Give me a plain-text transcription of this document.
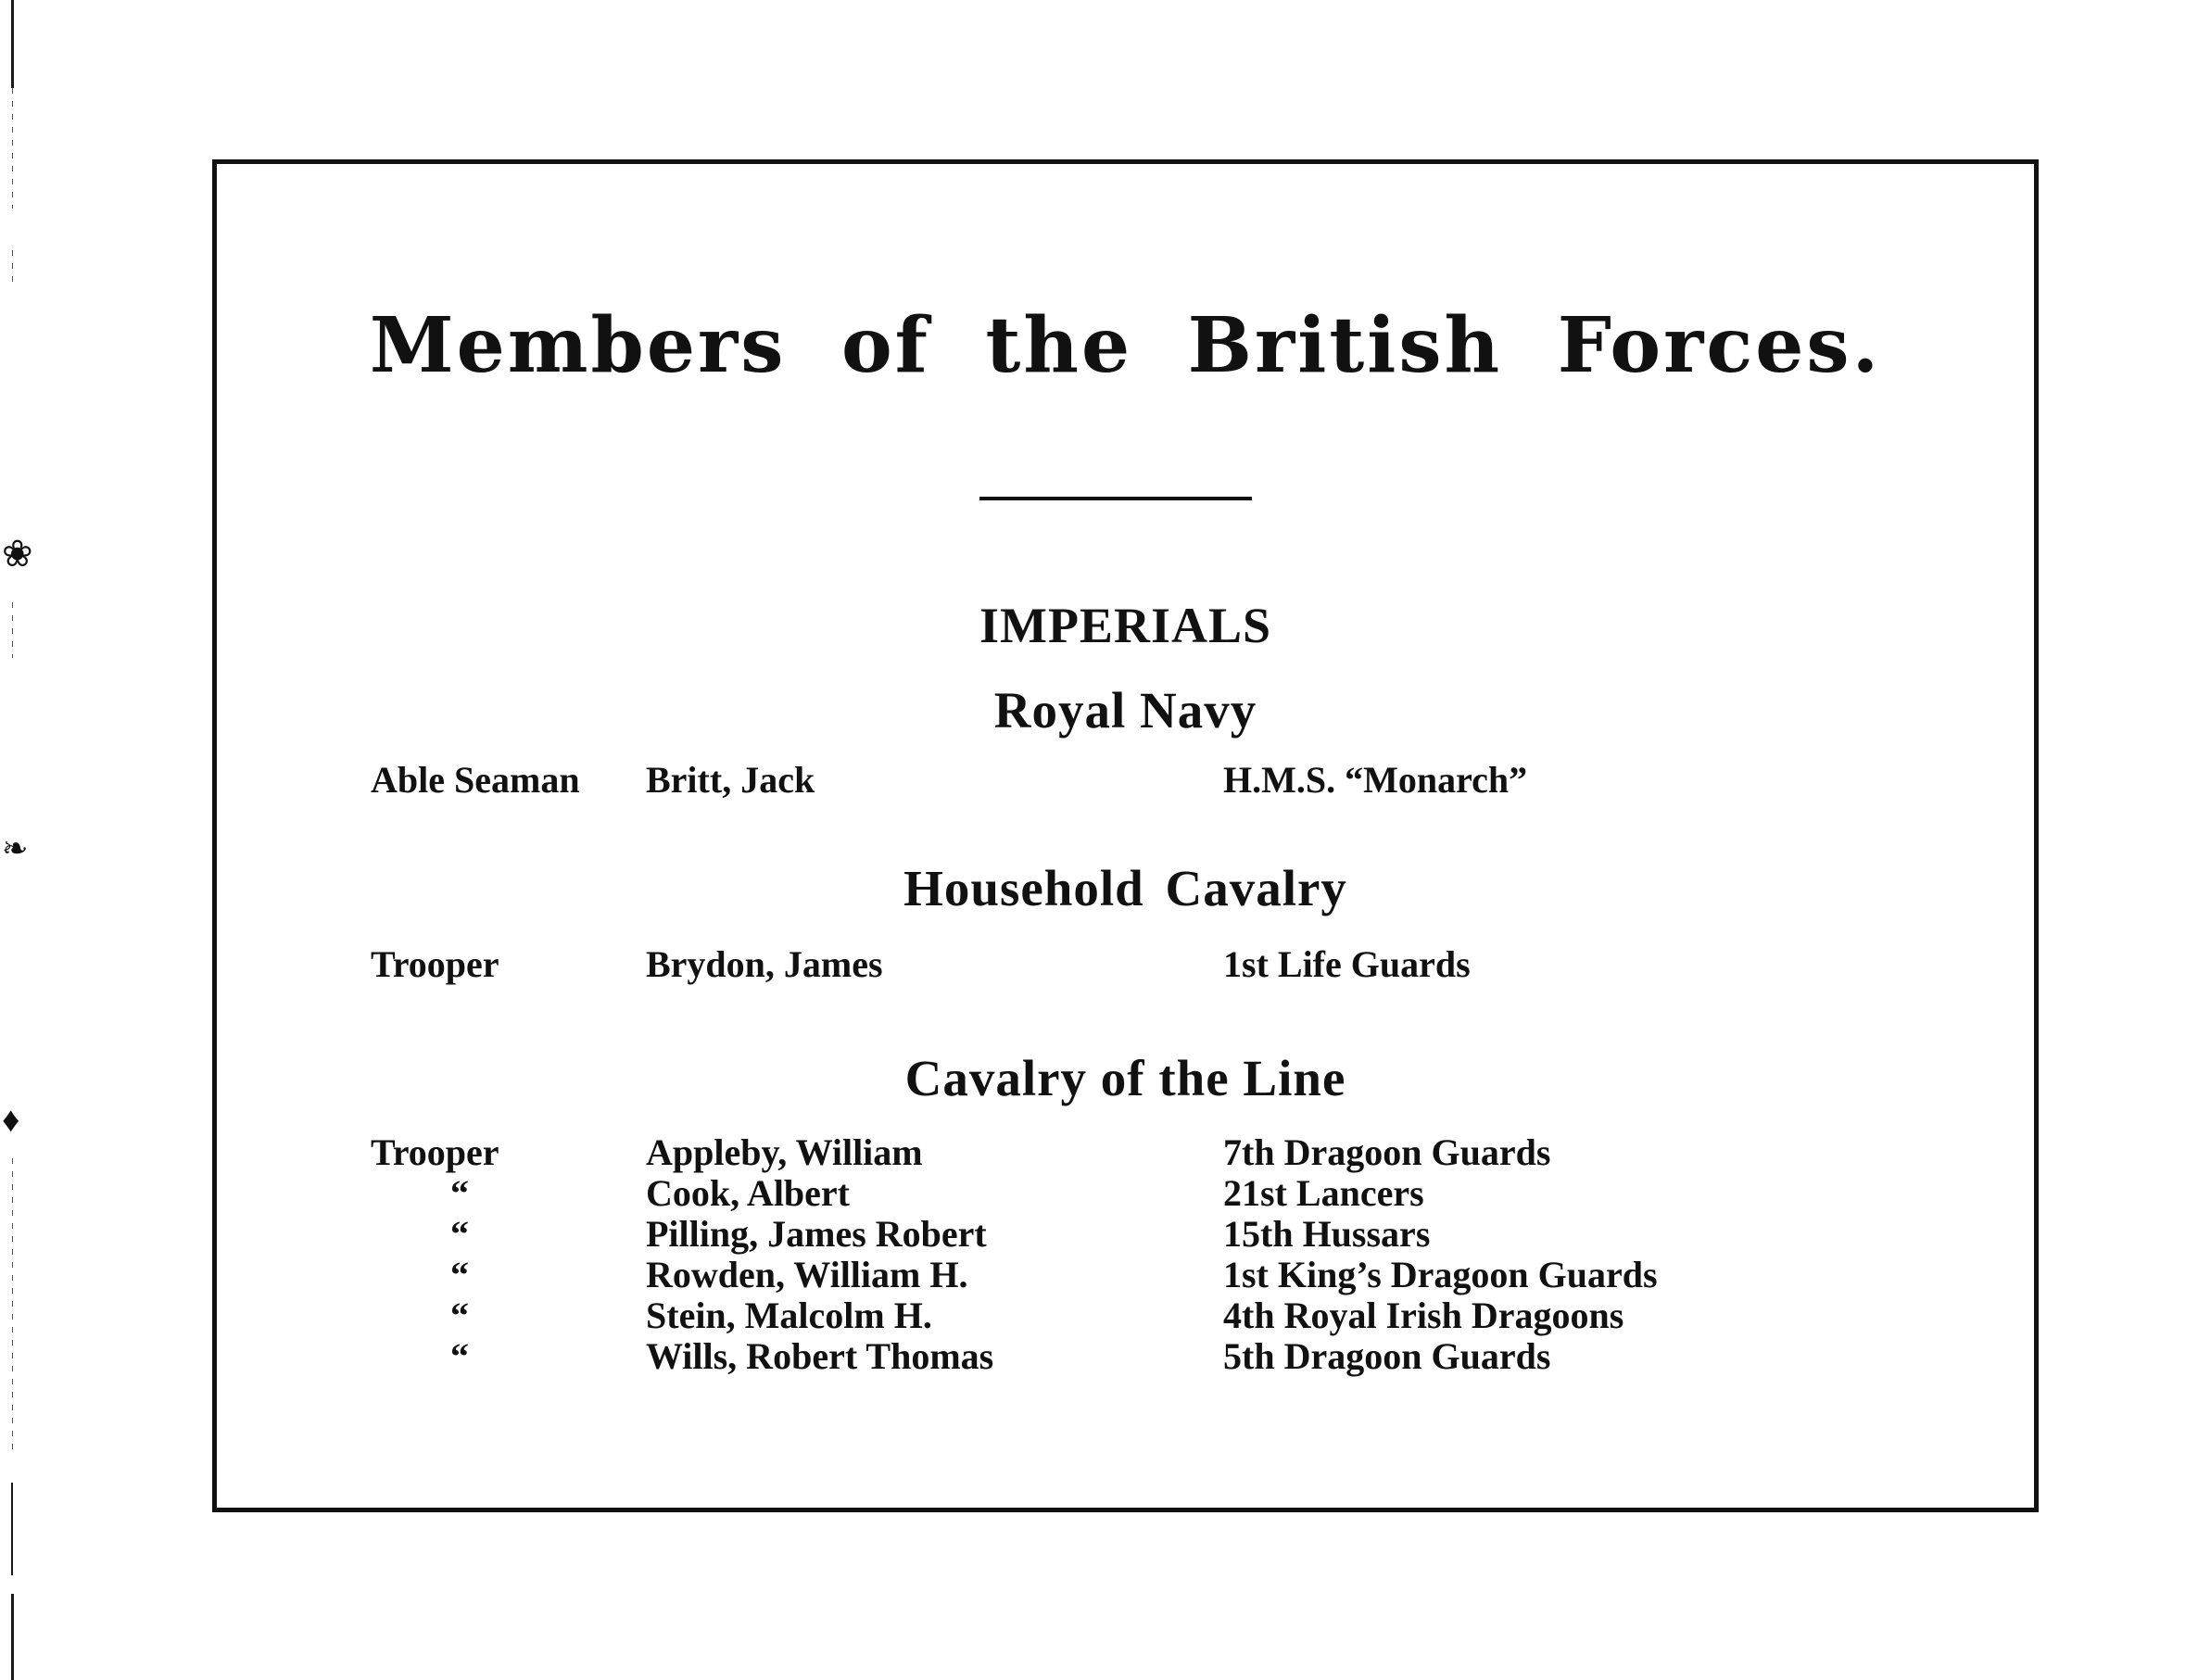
❀
❧
♦
Members of the British Forces.
IMPERIALS
Royal Navy
Able Seaman Britt, Jack	H.M.S. “Monarch”
Household Cavalry
Trooper	Brydon, James	1st Life Guards
Cavalry of the Line
Trooper	Appleby, William	7th Dragoon Guards
“	Cook, Albert	21st Lancers
“	Pilling, James Robert	15th Hussars
“	Rowden, William H.	1st King’s Dragoon Guards
“	Stein, Malcolm H.	4th Royal Irish Dragoons
“	Wills, Robert Thomas	5th Dragoon Guards
